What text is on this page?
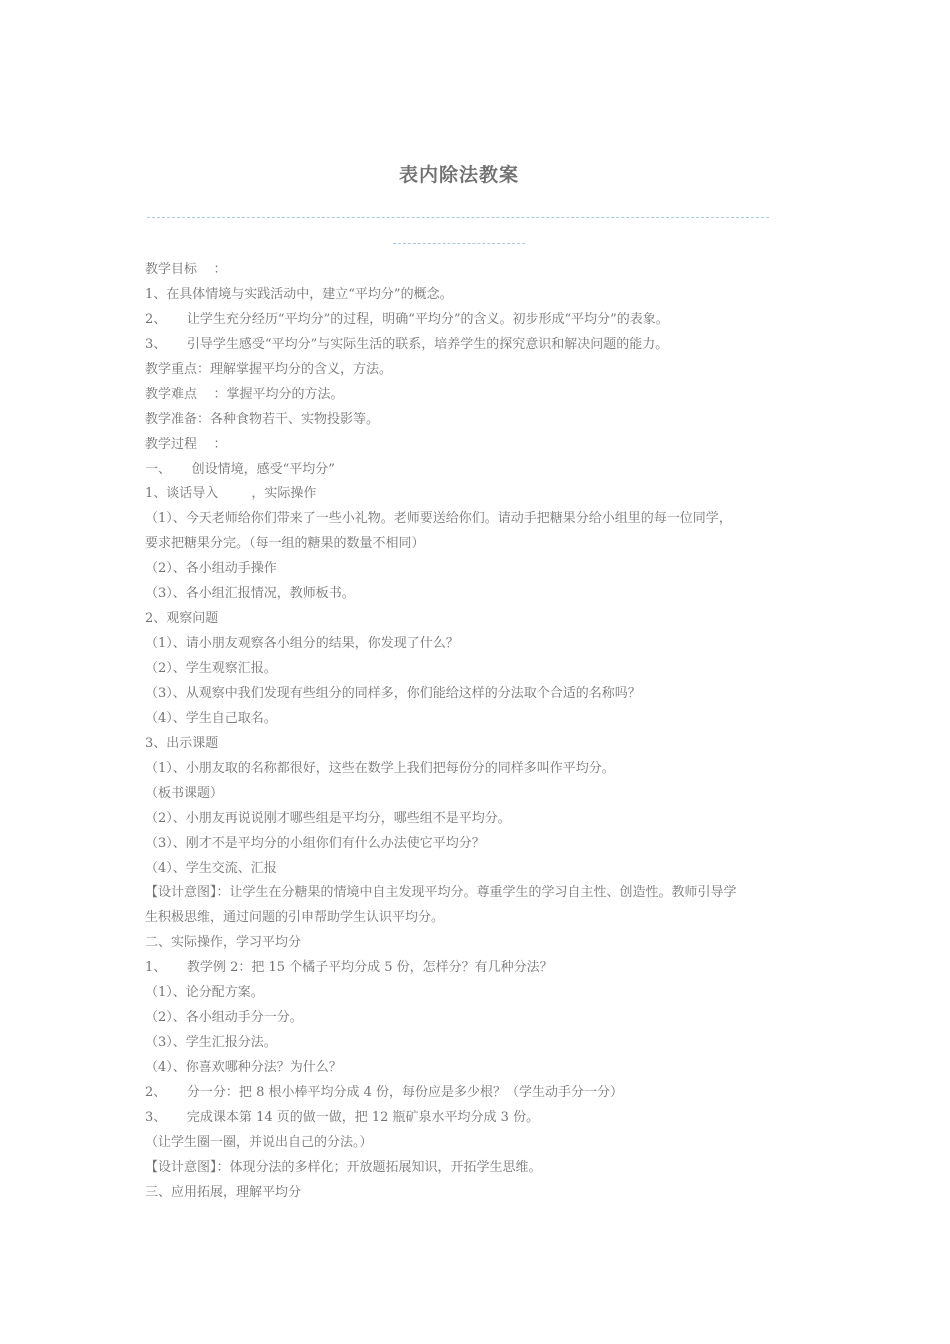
表内除法教案
教学目标    ：
1、在具体情境与实践活动中，建立“平均分”的概念。
2、     让学生充分经历“平均分”的过程，明确“平均分”的含义。初步形成“平均分”的表象。
3、     引导学生感受“平均分”与实际生活的联系，培养学生的探究意识和解决问题的能力。
教学重点：理解掌握平均分的含义，方法。
教学难点    ：掌握平均分的方法。
教学准备：各种食物若干、实物投影等。
教学过程    ：
一、     创设情境，感受“平均分”
1、谈话导入        ，实际操作
（1）、今天老师给你们带来了一些小礼物。老师要送给你们。请动手把糖果分给小组里的每一位同学，
要求把糖果分完。（每一组的糖果的数量不相同）
（2）、各小组动手操作
（3）、各小组汇报情况，教师板书。
2、观察问题
（1）、请小朋友观察各小组分的结果，你发现了什么？
（2）、学生观察汇报。
（3）、从观察中我们发现有些组分的同样多，你们能给这样的分法取个合适的名称吗？
（4）、学生自己取名。
3、出示课题
（1）、小朋友取的名称都很好，这些在数学上我们把每份分的同样多叫作平均分。
（板书课题）
（2）、小朋友再说说刚才哪些组是平均分，哪些组不是平均分。
（3）、刚才不是平均分的小组你们有什么办法使它平均分？
（4）、学生交流、汇报
【设计意图】：让学生在分糖果的情境中自主发现平均分。尊重学生的学习自主性、创造性。教师引导学
生积极思维，通过问题的引申帮助学生认识平均分。
二、实际操作，学习平均分
1、     教学例 2：把 15 个橘子平均分成 5 份，怎样分？有几种分法？
（1）、论分配方案。
（2）、各小组动手分一分。
（3）、学生汇报分法。
（4）、你喜欢哪种分法？为什么？
2、     分一分：把 8 根小棒平均分成 4 份，每份应是多少根？（学生动手分一分）
3、     完成课本第 14 页的做一做，把 12 瓶矿泉水平均分成 3 份。
（让学生圈一圈，并说出自己的分法。）
【设计意图】：体现分法的多样化；开放题拓展知识，开拓学生思维。
三、应用拓展，理解平均分
